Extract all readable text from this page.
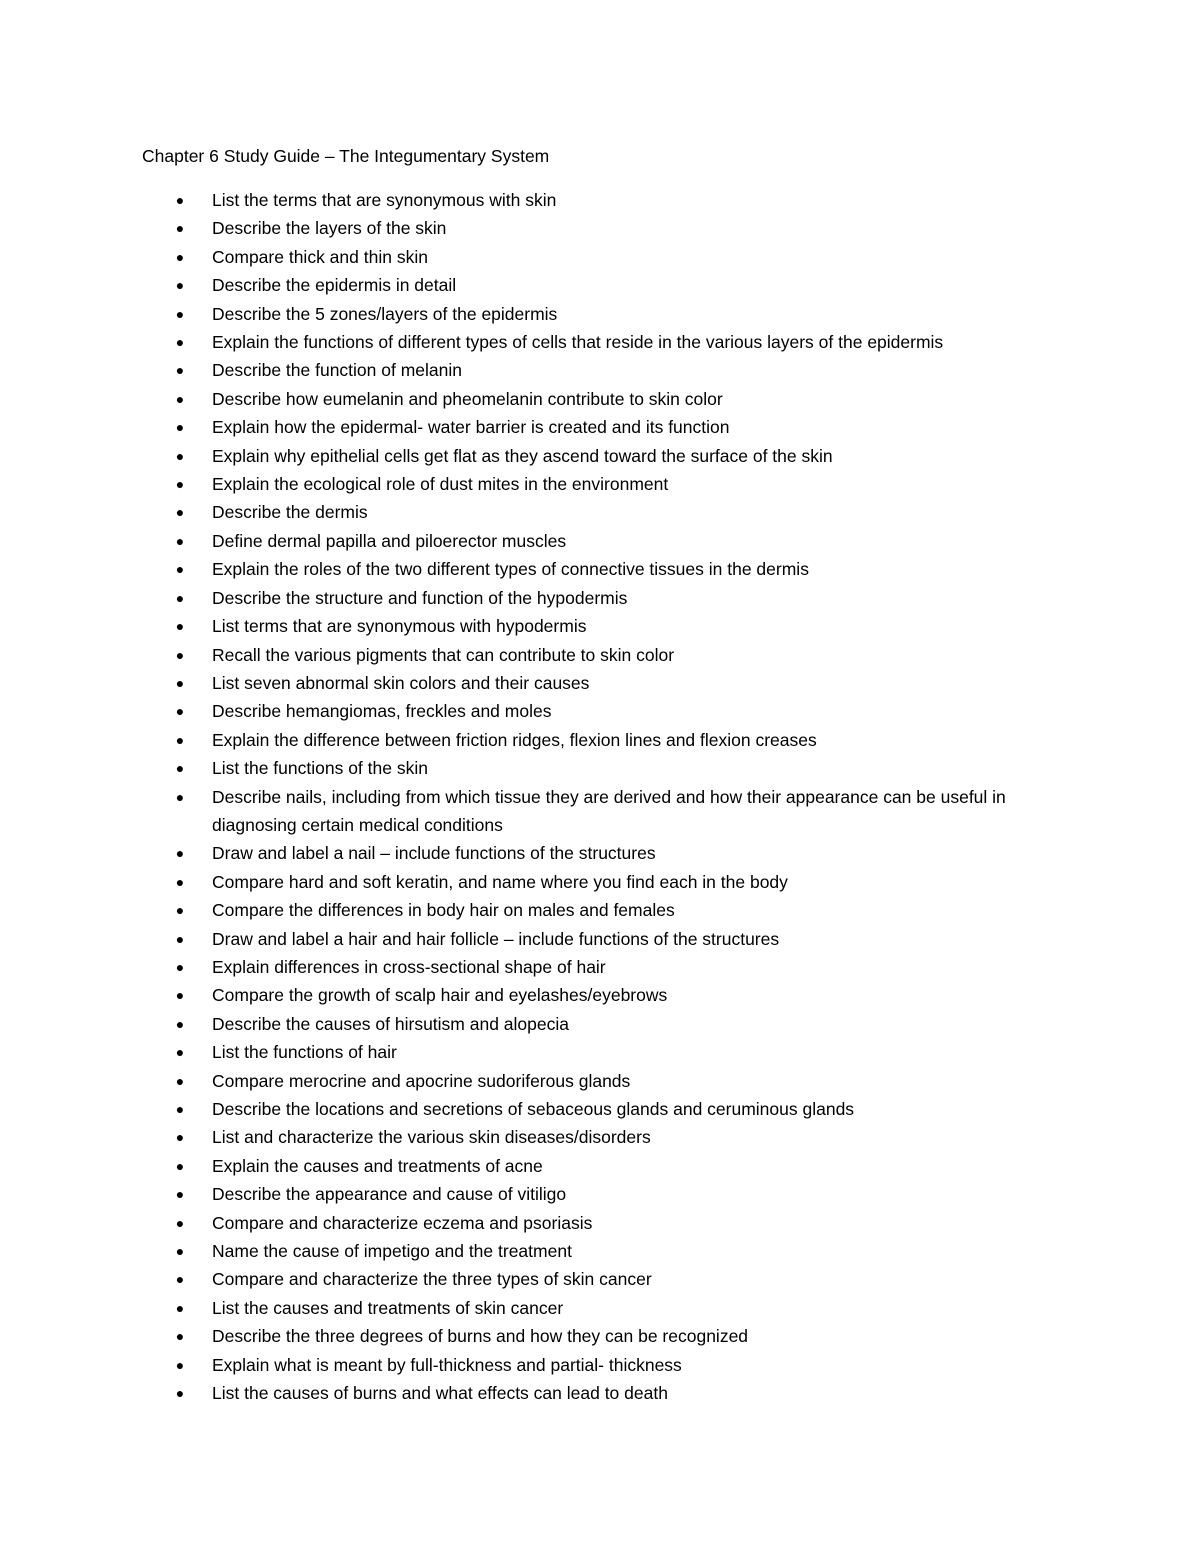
Chapter 6 Study Guide – The Integumentary System
● List the terms that are synonymous with skin
● Describe the layers of the skin
● Compare thick and thin skin
● Describe the epidermis in detail
● Describe the 5 zones/layers of the epidermis
● Explain the functions of different types of cells that reside in the various layers of the epidermis
● Describe the function of melanin
● Describe how eumelanin and pheomelanin contribute to skin color
● Explain how the epidermal- water barrier is created and its function
● Explain why epithelial cells get flat as they ascend toward the surface of the skin
● Explain the ecological role of dust mites in the environment
● Describe the dermis
● Define dermal papilla and piloerector muscles
● Explain the roles of the two different types of connective tissues in the dermis
● Describe the structure and function of the hypodermis
● List terms that are synonymous with hypodermis
● Recall the various pigments that can contribute to skin color
● List seven abnormal skin colors and their causes
● Describe hemangiomas, freckles and moles
● Explain the difference between friction ridges, flexion lines and flexion creases
● List the functions of the skin
● Describe nails, including from which tissue they are derived and how their appearance can be useful in diagnosing certain medical conditions
● Draw and label a nail – include functions of the structures
● Compare hard and soft keratin, and name where you find each in the body
● Compare the differences in body hair on males and females
● Draw and label a hair and hair follicle – include functions of the structures
● Explain differences in cross-sectional shape of hair
● Compare the growth of scalp hair and eyelashes/eyebrows
● Describe the causes of hirsutism and alopecia
● List the functions of hair
● Compare merocrine and apocrine sudoriferous glands
● Describe the locations and secretions of sebaceous glands and ceruminous glands
● List and characterize the various skin diseases/disorders
● Explain the causes and treatments of acne
● Describe the appearance and cause of vitiligo
● Compare and characterize eczema and psoriasis
● Name the cause of impetigo and the treatment
● Compare and characterize the three types of skin cancer
● List the causes and treatments of skin cancer
● Describe the three degrees of burns and how they can be recognized
● Explain what is meant by full-thickness and partial- thickness
● List the causes of burns and what effects can lead to death
